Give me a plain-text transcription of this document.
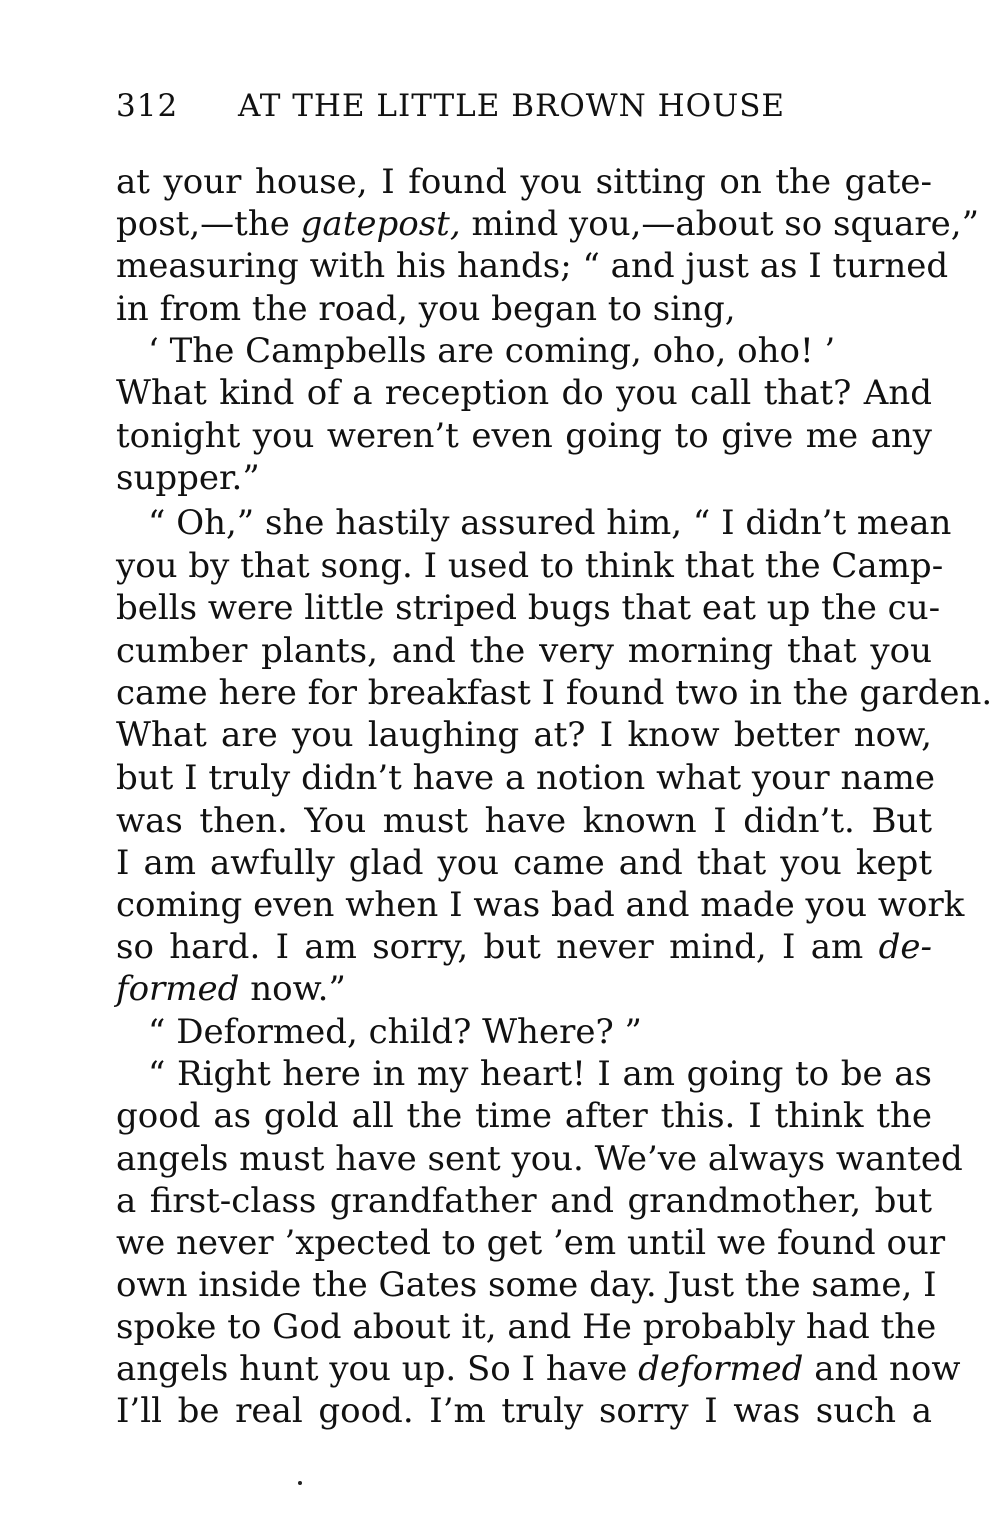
312 AT THE LITTLE BROWN HOUSE
at your house, I found you sitting on the gate-
post,—the gatepost, mind you,—about so square,”
measuring with his hands; “ and just as I turned
in from the road, you began to sing,
‘ The Campbells are coming, oho, oho! ’
What kind of a reception do you call that? And
tonight you weren’t even going to give me any
supper.”
“ Oh,” she hastily assured him, “ I didn’t mean
you by that song. I used to think that the Camp-
bells were little striped bugs that eat up the cu-
cumber plants, and the very morning that you
came here for breakfast I found two in the garden.
What are you laughing at? I know better now,
but I truly didn’t have a notion what your name
was then. You must have known I didn’t. But
I am awfully glad you came and that you kept
coming even when I was bad and made you work
so hard. I am sorry, but never mind, I am de-
formed now.”
“ Deformed, child? Where? ”
“ Right here in my heart! I am going to be as
good as gold all the time after this. I think the
angels must have sent you. We’ve always wanted
a first-class grandfather and grandmother, but
we never ’xpected to get ’em until we found our
own inside the Gates some day. Just the same, I
spoke to God about it, and He probably had the
angels hunt you up. So I have deformed and now
I’ll be real good. I’m truly sorry I was such a
